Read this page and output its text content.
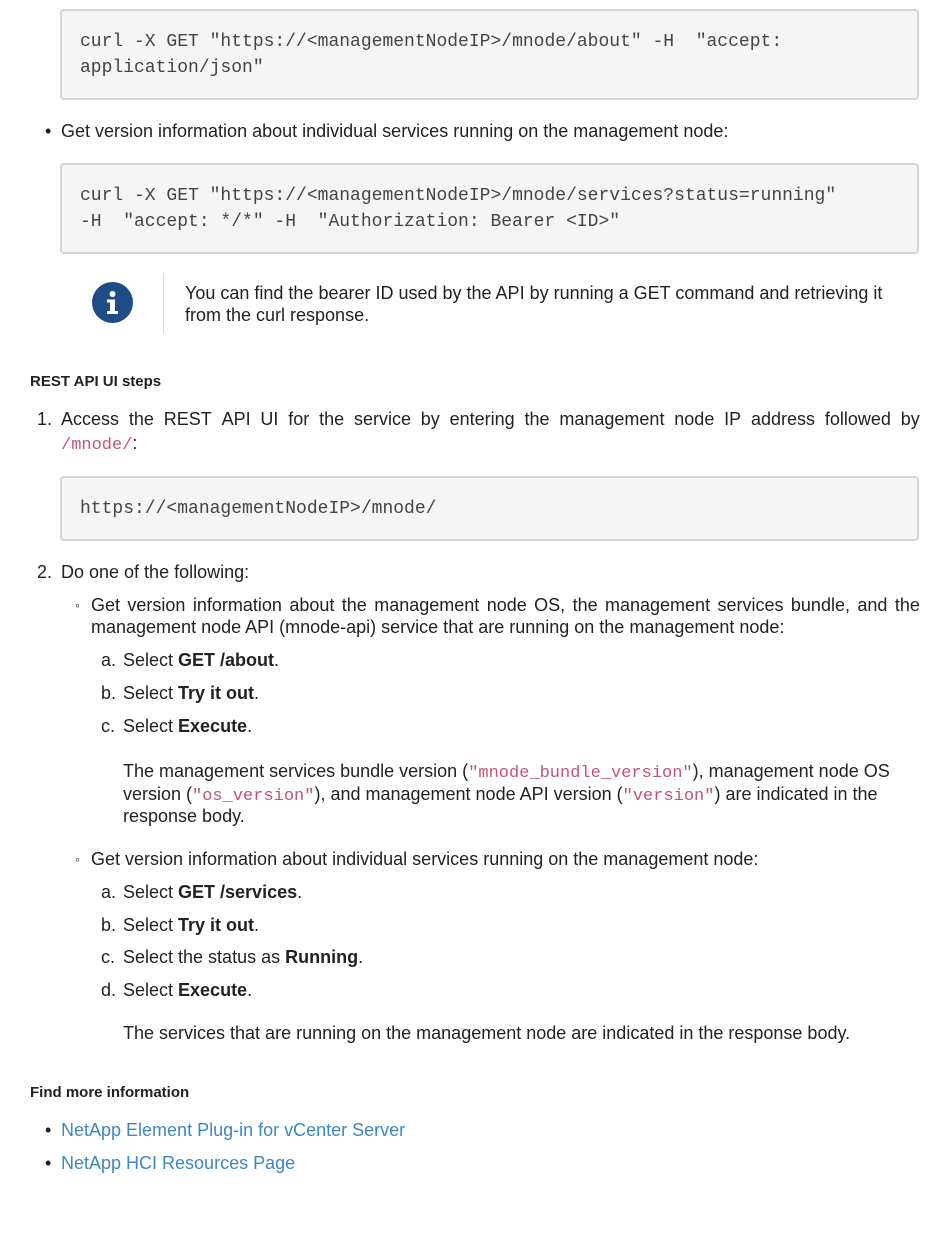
curl -X GET "https://<managementNodeIP>/mnode/about" -H  "accept:
application/json"
• Get version information about individual services running on the management node:
curl -X GET "https://<managementNodeIP>/mnode/services?status=running"
-H  "accept: */*" -H  "Authorization: Bearer <ID>"
You can find the bearer ID used by the API by running a GET command and retrieving it
from the curl response.
REST API UI steps
1. Access the REST API UI for the service by entering the management node IP address followed by
/mnode/:
https://<managementNodeIP>/mnode/
2. Do one of the following:
◦ Get version information about the management node OS, the management services bundle, and the
management node API (mnode-api) service that are running on the management node:
a. Select GET /about.
b. Select Try it out.
c. Select Execute.
The management services bundle version ("mnode_bundle_version"), management node OS
version ("os_version"), and management node API version ("version") are indicated in the
response body.
◦ Get version information about individual services running on the management node:
a. Select GET /services.
b. Select Try it out.
c. Select the status as Running.
d. Select Execute.
The services that are running on the management node are indicated in the response body.
Find more information
• NetApp Element Plug-in for vCenter Server
• NetApp HCI Resources Page
